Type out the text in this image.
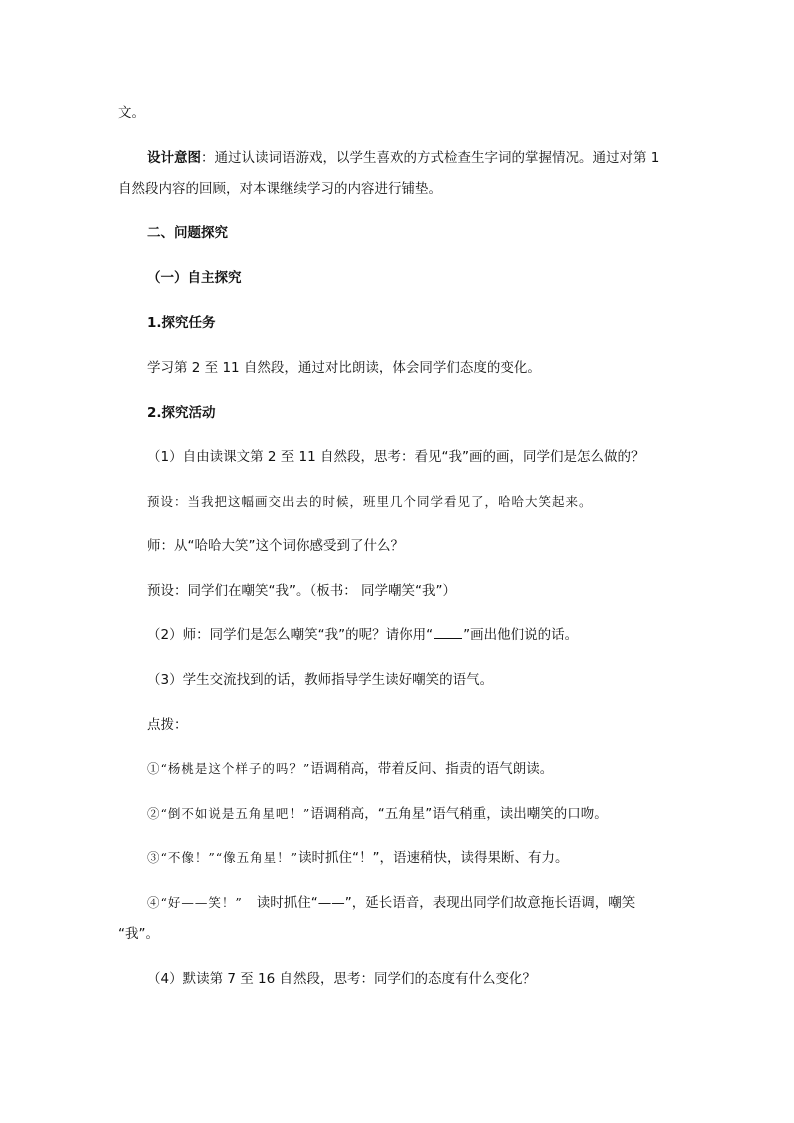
文。
设计意图：通过认读词语游戏，以学生喜欢的方式检查生字词的掌握情况。通过对第 1
自然段内容的回顾，对本课继续学习的内容进行铺垫。
二、问题探究
（一）自主探究
1.探究任务
学习第 2 至 11 自然段，通过对比朗读，体会同学们态度的变化。
2.探究活动
（1）自由读课文第 2 至 11 自然段，思考：看见“我”画的画，同学们是怎么做的？
预设：当我把这幅画交出去的时候，班里几个同学看见了，哈哈大笑起来。
师：从“哈哈大笑”这个词你感受到了什么？
预设：同学们在嘲笑“我”。（板书： 同学嘲笑“我”）
（2）师：同学们是怎么嘲笑“我”的呢？请你用“ ”画出他们说的话。
（3）学生交流找到的话，教师指导学生读好嘲笑的语气。
点拨：
①“杨桃是这个样子的吗？”语调稍高，带着反问、指责的语气朗读。
②“倒不如说是五角星吧！”语调稍高，“五角星”语气稍重，读出嘲笑的口吻。
③“不像！”“像五角星！”读时抓住“！”，语速稍快，读得果断、有力。
④“好——笑！” 读时抓住“——”，延长语音，表现出同学们故意拖长语调，嘲笑
“我”。
（4）默读第 7 至 16 自然段，思考：同学们的态度有什么变化？
